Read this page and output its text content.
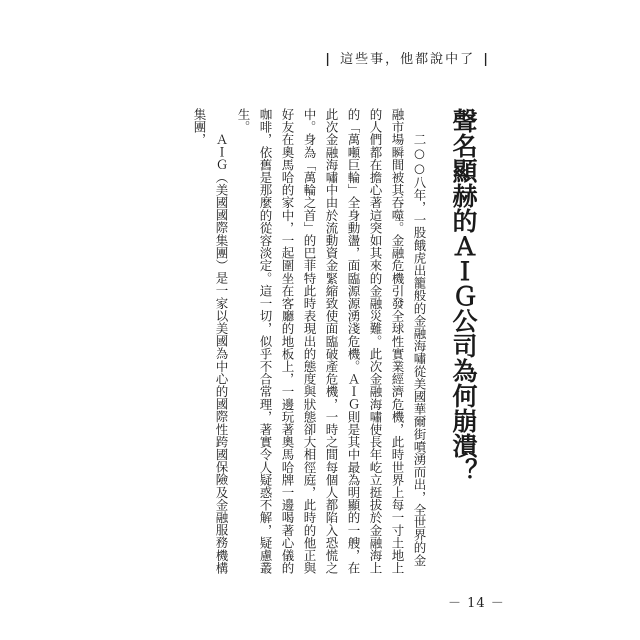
| 這些事，他都說中了 |
聲名顯赫的ＡＩＧ公司為何崩潰？

二○○八年，一股餓虎出籠般的金融海嘯從美國華爾街噴湧而出，全世界的金融市場瞬間被其吞噬。金融危機引發全球性實業經濟危機，此時世界上每一寸土地上的人們都在擔心著這突如其來的金融災難。此次金融海嘯使長年屹立挺拔於金融海上的「萬噸巨輪」全身動盪，面臨源源湧淺危機。ＡＩＧ則是其中最為明顯的一艘，在此次金融海嘯中由於流動資金緊縮致使面臨破產危機，一時之間每個人都陷入恐慌之中。身為「萬輪之首」的巴菲特此時表現出的態度與狀態卻大相徑庭，此時的他正與好友在奧馬哈的家中，一起圍坐在客廳的地板上，一邊玩著奧馬哈牌一邊喝著心儀的咖啡，依舊是那麼的從容淡定。這一切，似乎不合常理，著實令人疑惑不解，疑慮叢生。

ＡＩＧ（美國國際集團）是一家以美國為中心的國際性跨國保險及金融服務機構集團，

－ 14 －
